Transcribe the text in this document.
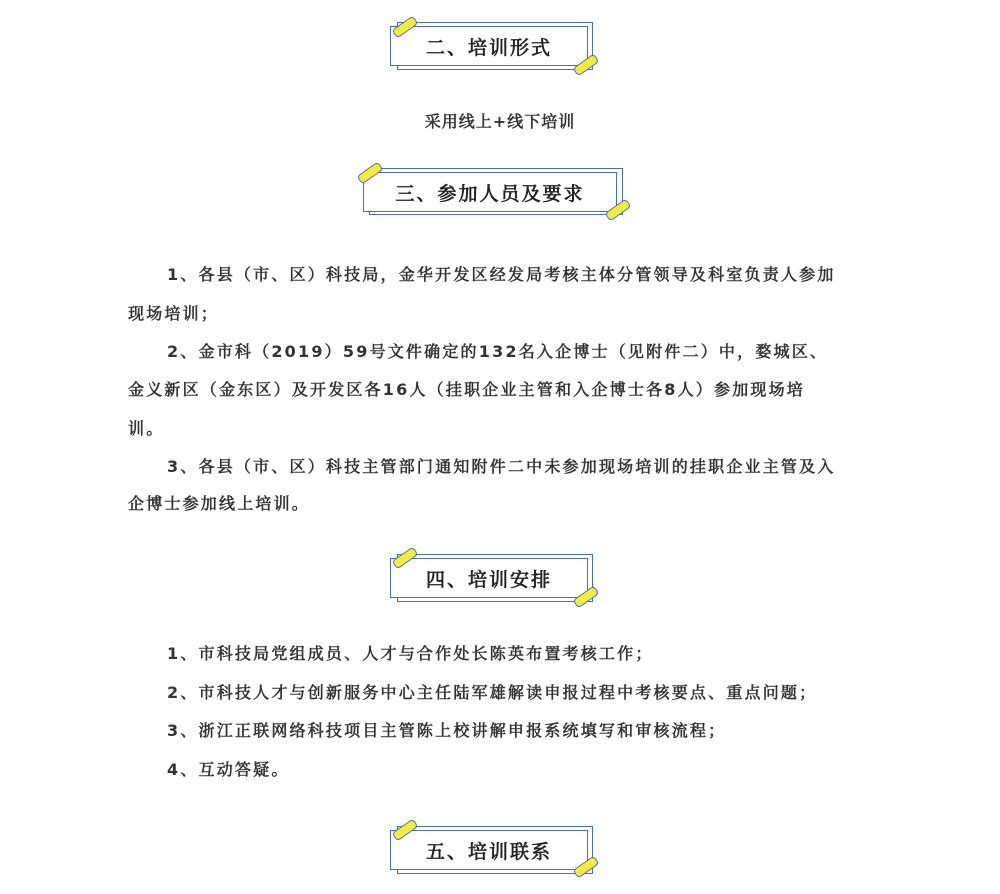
二、培训形式
采用线上+线下培训
三、参加人员及要求
1、各县（市、区）科技局，金华开发区经发局考核主体分管领导及科室负责人参加
现场培训；
2、金市科（2019）59号文件确定的132名入企博士（见附件二）中，婺城区、
金义新区（金东区）及开发区各16人（挂职企业主管和入企博士各8人）参加现场培
训。
3、各县（市、区）科技主管部门通知附件二中未参加现场培训的挂职企业主管及入
企博士参加线上培训。
四、培训安排
1、市科技局党组成员、人才与合作处长陈英布置考核工作；
2、市科技人才与创新服务中心主任陆军雄解读申报过程中考核要点、重点问题；
3、浙江正联网络科技项目主管陈上校讲解申报系统填写和审核流程；
4、互动答疑。
五、培训联系
